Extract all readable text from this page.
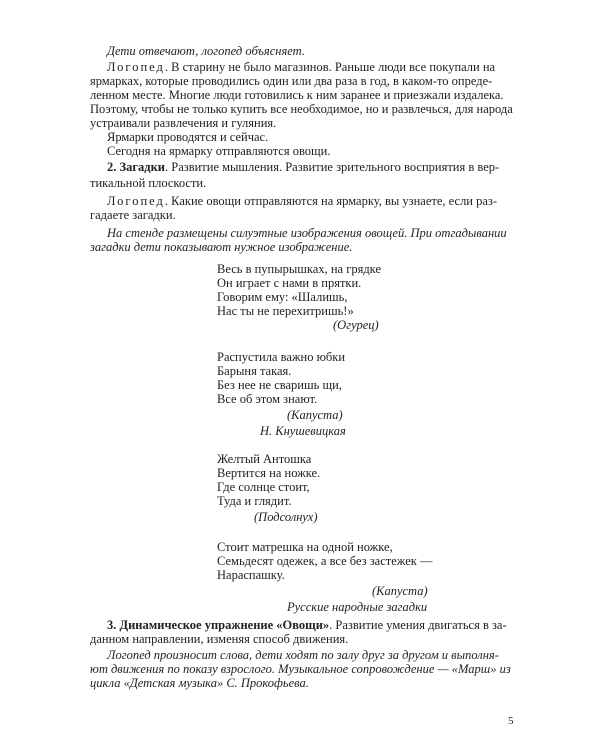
Дети отвечают, логопед объясняет.
Логопед. В старину не было магазинов. Раньше люди все покупали на
ярмарках, которые проводились один или два раза в год, в каком-то опреде-
ленном месте. Многие люди готовились к ним заранее и приезжали издалека.
Поэтому, чтобы не только купить все необходимое, но и развлечься, для народа
устраивали развлечения и гуляния.
Ярмарки проводятся и сейчас.
Сегодня на ярмарку отправляются овощи.
2. Загадки. Развитие мышления. Развитие зрительного восприятия в вер-
тикальной плоскости.
Логопед. Какие овощи отправляются на ярмарку, вы узнаете, если раз-
гадаете загадки.
На стенде размещены силуэтные изображения овощей. При отгадывании
загадки дети показывают нужное изображение.
Весь в пупырышках, на грядке
Он играет с нами в прятки.
Говорим ему: «Шалишь,
Нас ты не перехитришь!»
(Огурец)
Распустила важно юбки
Барыня такая.
Без нее не сваришь щи,
Все об этом знают.
(Капуста)
Н. Кнушевицкая
Желтый Антошка
Вертится на ножке.
Где солнце стоит,
Туда и глядит.
(Подсолнух)
Стоит матрешка на одной ножке,
Семьдесят одежек, а все без застежек —
Нараспашку.
(Капуста)
Русские народные загадки
3. Динамическое упражнение «Овощи». Развитие умения двигаться в за-
данном направлении, изменяя способ движения.
Логопед произносит слова, дети ходят по залу друг за другом и выполня-
ют движения по показу взрослого. Музыкальное сопровождение — «Марш» из
цикла «Детская музыка» С. Прокофьева.
5
